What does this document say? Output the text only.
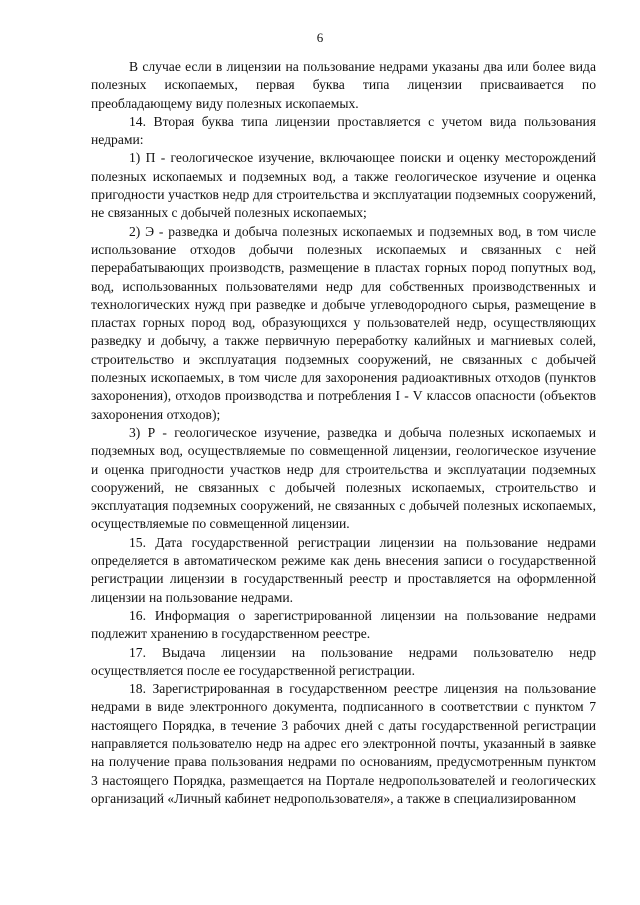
6

В случае если в лицензии на пользование недрами указаны два или более вида полезных ископаемых, первая буква типа лицензии присваивается по преобладающему виду полезных ископаемых.

14. Вторая буква типа лицензии проставляется с учетом вида пользования недрами:

1) П - геологическое изучение, включающее поиски и оценку месторождений полезных ископаемых и подземных вод, а также геологическое изучение и оценка пригодности участков недр для строительства и эксплуатации подземных сооружений, не связанных с добычей полезных ископаемых;

2) Э - разведка и добыча полезных ископаемых и подземных вод, в том числе использование отходов добычи полезных ископаемых и связанных с ней перерабатывающих производств, размещение в пластах горных пород попутных вод, вод, использованных пользователями недр для собственных производственных и технологических нужд при разведке и добыче углеводородного сырья, размещение в пластах горных пород вод, образующихся у пользователей недр, осуществляющих разведку и добычу, а также первичную переработку калийных и магниевых солей, строительство и эксплуатация подземных сооружений, не связанных с добычей полезных ископаемых, в том числе для захоронения радиоактивных отходов (пунктов захоронения), отходов производства и потребления I - V классов опасности (объектов захоронения отходов);

3) Р - геологическое изучение, разведка и добыча полезных ископаемых и подземных вод, осуществляемые по совмещенной лицензии, геологическое изучение и оценка пригодности участков недр для строительства и эксплуатации подземных сооружений, не связанных с добычей полезных ископаемых, строительство и эксплуатация подземных сооружений, не связанных с добычей полезных ископаемых, осуществляемые по совмещенной лицензии.

15. Дата государственной регистрации лицензии на пользование недрами определяется в автоматическом режиме как день внесения записи о государственной регистрации лицензии в государственный реестр и проставляется на оформленной лицензии на пользование недрами.

16. Информация о зарегистрированной лицензии на пользование недрами подлежит хранению в государственном реестре.

17. Выдача лицензии на пользование недрами пользователю недр осуществляется после ее государственной регистрации.

18. Зарегистрированная в государственном реестре лицензия на пользование недрами в виде электронного документа, подписанного в соответствии с пунктом 7 настоящего Порядка, в течение 3 рабочих дней с даты государственной регистрации направляется пользователю недр на адрес его электронной почты, указанный в заявке на получение права пользования недрами по основаниям, предусмотренным пунктом 3 настоящего Порядка, размещается на Портале недропользователей и геологических организаций «Личный кабинет недропользователя», а также в специализированном
